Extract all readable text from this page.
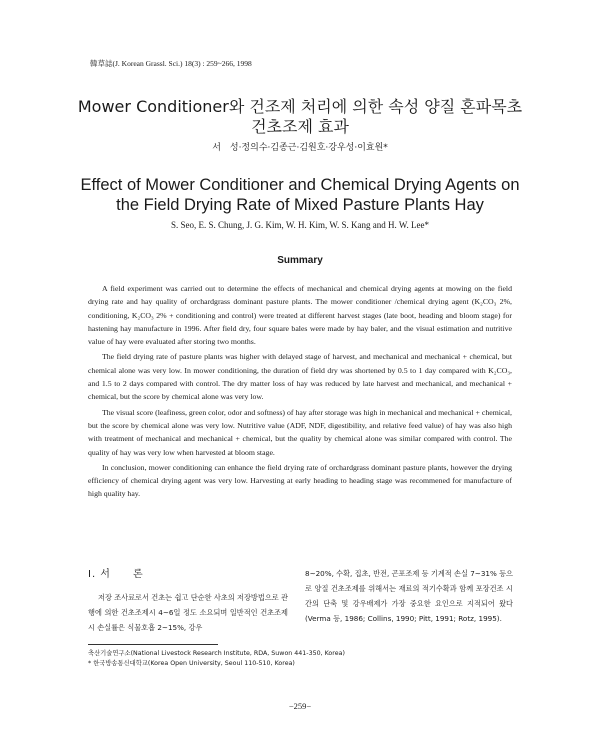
韓草誌(J. Korean Grassl. Sci.) 18(3) : 259~266, 1998
Mower Conditioner와 건조제 처리에 의한 속성 양질 혼파목초
건초조제 효과
서　성·정의수·김종근·김원호·강우성·이효원*
Effect of Mower Conditioner and Chemical Drying Agents on
the Field Drying Rate of Mixed Pasture Plants Hay
S. Seo, E. S. Chung, J. G. Kim, W. H. Kim, W. S. Kang and H. W. Lee*
Summary

A field experiment was carried out to determine the effects of mechanical and chemical drying agents at mowing on the field drying rate and hay quality of orchardgrass dominant pasture plants. The mower conditioner /chemical drying agent (K₂CO₃ 2%, conditioning, K₂CO₃ 2% + conditioning and control) were treated at different harvest stages (late boot, heading and bloom stage) for hastening hay manufacture in 1996. After field dry, four square bales were made by hay baler, and the visual estimation and nutritive value of hay were evaluated after storing two months.

The field drying rate of pasture plants was higher with delayed stage of harvest, and mechanical and mechanical + chemical, but chemical alone was very low. In mower conditioning, the duration of field dry was shortened by 0.5 to 1 day compared with K₂CO₃, and 1.5 to 2 days compared with control. The dry matter loss of hay was reduced by late harvest and mechanical, and mechanical + chemical, but the score by chemical alone was very low.

The visual score (leafiness, green color, odor and softness) of hay after storage was high in mechanical and mechanical + chemical, but the score by chemical alone was very low. Nutritive value (ADF, NDF, digestibility, and relative feed value) of hay was also high with treatment of mechanical and mechanical + chemical, but the quality by chemical alone was similar compared with control. The quality of hay was very low when harvested at bloom stage.

In conclusion, mower conditioning can enhance the field drying rate of orchardgrass dominant pasture plants, however the drying efficiency of chemical drying agent was very low. Harvesting at early heading to heading stage was recommened for manufacture of high quality hay.

I. 서　　론

저장 조사료로서 건초는 쉽고 단순한 사초의 저장방법으로 관행에 의한 건초조제시 4~6일 정도 소요되며 일반적인 건초조제시 손실률은 식물호흡 2~15%, 강우

8~20%, 수확, 집초, 반전, 곤포조제 등 기계적 손실 7~31% 등으로 양질 건초조제를 위해서는 재료의 적기수확과 함께 포장건조 시간의 단축 및 강우배제가 가장 중요한 요인으로 지적되어 왔다(Verma 등, 1986; Collins, 1990; Pitt, 1991; Rotz, 1995).

축산기술연구소(National Livestock Research Institute, RDA, Suwon 441-350, Korea)
* 한국방송통신대학교(Korea Open University, Seoul 110-510, Korea)
−259−
